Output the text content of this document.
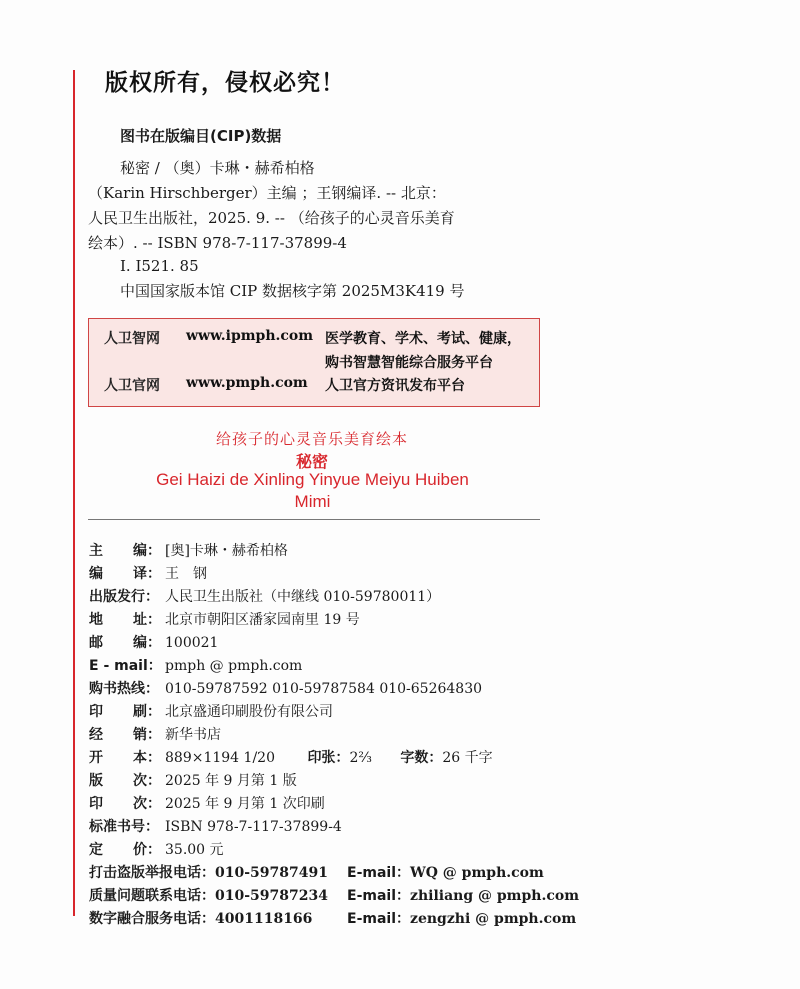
版权所有，侵权必究！
图书在版编目(CIP)数据
秘密 / （奥）卡琳・赫希柏格
（Karin Hirschberger）主编 ；王钢编译. -- 北京：
人民卫生出版社，2025. 9. -- （给孩子的心灵音乐美育
绘本）. -- ISBN 978-7-117-37899-4
Ⅰ. I521. 85
中国国家版本馆 CIP 数据核字第 2025M3K419 号
人卫智网 www.ipmph.com 医学教育、学术、考试、健康，
购书智慧智能综合服务平台
人卫官网 www.pmph.com 人卫官方资讯发布平台
给孩子的心灵音乐美育绘本
秘密
Gei Haizi de Xinling Yinyue Meiyu Huiben
Mimi
主 编 ： [奥]卡琳・赫希柏格
编 译 ： 王　钢
出版发行： 人民卫生出版社（中继线 010-59780011）
地 址 ： 北京市朝阳区潘家园南里 19 号
邮 编 ： 100021
E - mail： pmph @ pmph.com
购书热线： 010-59787592 010-59787584 010-65264830
印 刷 ： 北京盛通印刷股份有限公司
经 销 ： 新华书店
开 本 ： 889×1194 1/20 印张：2⅔ 字数：26 千字
版 次 ： 2025 年 9 月第 1 版
印 次 ： 2025 年 9 月第 1 次印刷
标准书号： ISBN 978-7-117-37899-4
定 价 ： 35.00 元
打击盗版举报电话：010-59787491 E-mail：WQ @ pmph.com
质量问题联系电话：010-59787234 E-mail：zhiliang @ pmph.com
数字融合服务电话：4001118166 E-mail：zengzhi @ pmph.com
